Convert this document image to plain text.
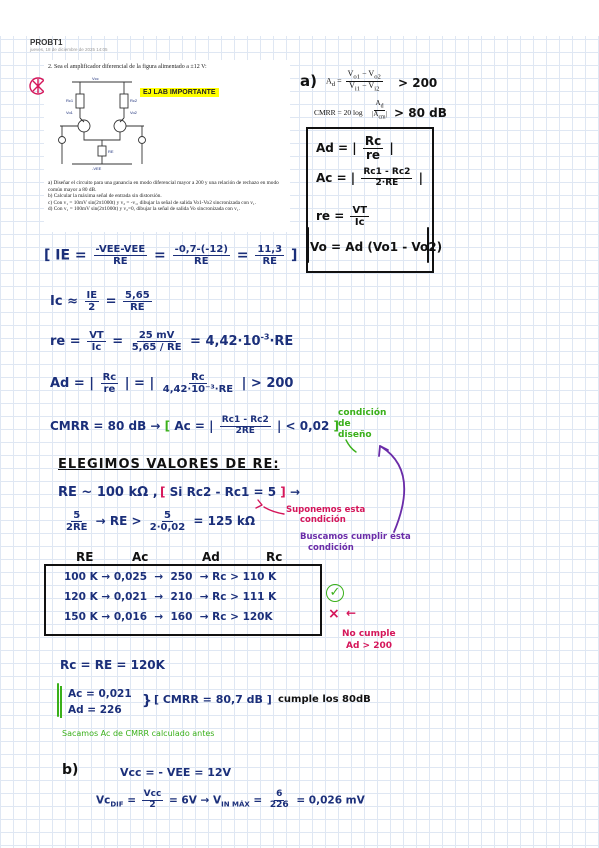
PROBT1
jueves, 18 de diciembre de 2025 14:05
2. Sea el amplificador diferencial de la figura alimentado a ±12 V:
EJ LAB IMPORTANTE
Vcc
Rc1	Rc2
RE
-VEE
Vo1	Vo2
a) Diseñar el circuito para una ganancia en modo diferencial mayor a 200 y una relación de rechazo en modo común mayor a 80 dB.
b) Calcular la máxima señal de entrada sin distorsión.
c) Con v₁ = 10mV sin(2π1000t) y v₂ = -v₁, dibujar la señal de salida Vo1-Vo2 sincronizada con v₁.
d) Con v₁ = 100mV sin(2π1000t) y v₂=0, dibujar la señal de salida Vo sincronizada con v₁.
a) $A_d = \frac{V_{o1} - V_{o2}}{V_{i1} - V_{i2}} > 200$
CMRR = 20 $\log \frac{A_d}{|A_{cm}|} > 80$ dB
Ad = | $\frac{Rc}{re}$ |
Ac = | $\frac{Rc1 - Rc2}{2\cdot RE}$ |
re = $\frac{VT}{Ic}$
Vo = Ad (Vo1 - Vo2)
[ IE = $\frac{\text{-VEE-VEE}}{RE} = \frac{-0,7-(-12)}{RE} = \frac{11,3}{RE}$ ]
$Ic \approx \frac{IE}{2} = \frac{5,65}{RE}$
re = $\frac{VT}{Ic} = \frac{25 mV}{5,65 / RE} = 4,42\cdot 10^{-3}\cdot RE$
Ad = | $\frac{Rc}{re}$ | = | $\frac{Rc}{\text{4,42·10⁻³·RE}}$ | > 200
CMRR = 80 dB → [ Ac = | $\frac{Rc1 - Rc2}{2RE}$ | < 0,02 ]
condición
de
diseño
ELEGIMOS VALORES DE RE:
RE ~ 100 kΩ , [ Si Rc2 - Rc1 = 5 ] →
Suponemos esta
condición
$\frac{5}{2RE}$ → RE > $\frac{5}{2\cdot 0,02} = 125$ kΩ
Buscamos cumplir esta
condición
RE	Ac	Ad	Rc
100 K → 0,025  →  250  → Rc > 110 K
120 K → 0,021  →  210  → Rc > 111 K
150 K → 0,016  →  160  → Rc > 120K
✓
× ←
No cumple
Ad > 200
Rc = RE = 120K
Ac = 0,021
Ad = 226
} [ CMRR = 80,7 dB ] cumple los 80dB
Sacamos Ac de CMRR calculado antes
b)	Vcc = - VEE = 12V
$Vc_{DIF} = \frac{\text{Vcc}}{2} = 6V \to V_{IN MÁX} = \frac{6}{226} = 0,026$ mV
